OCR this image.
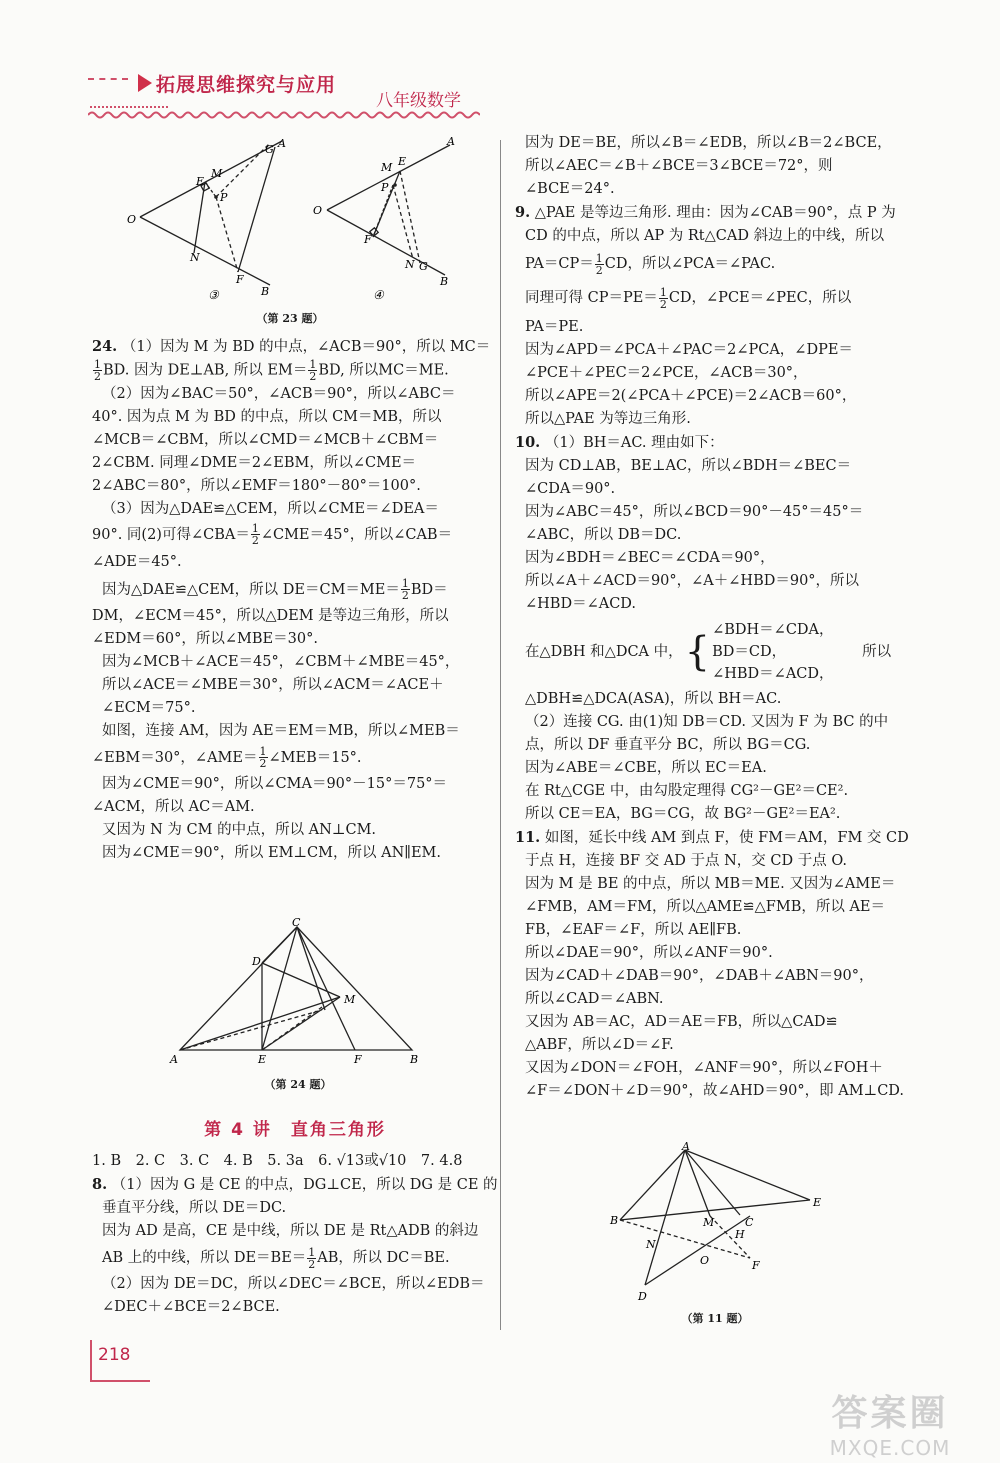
拓展思维探究与应用
八年级数学
G A
M
E
P
O
N
F
B
③
A
M E
P
O
F
N G
B
④
（第 23 题）

24. （1）因为 M 为 BD 的中点，∠ACB＝90°，所以 MC＝

$\frac{1}{2}$ BD. 因为 DE⊥AB, 所以 $EM= \frac{1}{2}$ BD, 所以MC＝ME.

（2）因为∠BAC＝50°，∠ACB＝90°，所以∠ABC＝

40°. 因为点 M 为 BD 的中点，所以 CM＝MB，所以

∠MCB＝∠CBM，所以∠CMD＝∠MCB＋∠CBM＝

2∠CBM. 同理∠DME＝2∠EBM，所以∠CME＝

2∠ABC＝80°，所以∠EMF＝180°－80°＝100°.

（3）因为△DAE≌△CEM，所以∠CME＝∠DEA＝

90°. 同(2)可得∠CBA＝ $\frac{1}{2}$ ∠CME＝45°，所以∠CAB＝

∠ADE＝45°.

因为△DAE≌△CEM，所以 $DE=CM=ME= \frac{1}{2} BD=$

DM，∠ECM＝45°，所以△DEM 是等边三角形，所以

∠EDM＝60°，所以∠MBE＝30°.

因为∠MCB＋∠ACE＝45°，∠CBM＋∠MBE＝45°，

所以∠ACE＝∠MBE＝30°，所以∠ACM＝∠ACE＋

∠ECM＝75°.

如图，连接 AM，因为 AE＝EM＝MB，所以∠MEB＝

∠EBM＝30°，∠AME＝ $\frac{1}{2}$ ∠MEB＝15°.

因为∠CME＝90°，所以∠CMA＝90°－15°＝75°＝

∠ACM，所以 AC＝AM.

又因为 N 为 CM 的中点，所以 AN⊥CM.

因为∠CME＝90°，所以 EM⊥CM，所以 AN∥EM.

C
D
M
A	E	F	B
（第 24 题）
第 4 讲　直角三角形

1. B　2. C　3. C　4. B　5. 3a　6. √13或√10　7. 4.8

8. （1）因为 G 是 CE 的中点，DG⊥CE，所以 DG 是 CE 的

垂直平分线，所以 DE＝DC.

因为 AD 是高，CE 是中线，所以 DE 是 Rt△ADB 的斜边

AB 上的中线，所以 $DE=BE= \frac{1}{2}$ AB，所以 DC＝BE.

（2）因为 DE＝DC，所以∠DEC＝∠BCE，所以∠EDB＝

∠DEC＋∠BCE＝2∠BCE.

因为 DE＝BE，所以∠B＝∠EDB，所以∠B＝2∠BCE，

所以∠AEC＝∠B＋∠BCE＝3∠BCE＝72°，则

∠BCE＝24°.

9. △PAE 是等边三角形. 理由：因为∠CAB＝90°，点 P 为

CD 的中点，所以 AP 为 Rt△CAD 斜边上的中线，所以

$PA=CP= \frac{1}{2}$ CD，所以∠PCA＝∠PAC.

同理可得 $CP=PE= \frac{1}{2}$ CD，∠PCE＝∠PEC，所以

PA＝PE.

因为∠APD＝∠PCA＋∠PAC＝2∠PCA，∠DPE＝

∠PCE＋∠PEC＝2∠PCE，∠ACB＝30°，

所以∠APE＝2(∠PCA＋∠PCE)＝2∠ACB＝60°，

所以△PAE 为等边三角形.

10. （1）BH＝AC. 理由如下：

因为 CD⊥AB，BE⊥AC，所以∠BDH＝∠BEC＝

∠CDA＝90°.

因为∠ABC＝45°，所以∠BCD＝90°－45°＝45°＝

∠ABC，所以 DB＝DC.

因为∠BDH＝∠BEC＝∠CDA＝90°，

所以∠A＋∠ACD＝90°，∠A＋∠HBD＝90°，所以

∠HBD＝∠ACD.

在△DBH 和△DCA 中， { ∠BDH＝∠CDA，
BD＝CD，
∠HBD＝∠ACD，
所以

△DBH≌△DCA(ASA)，所以 BH＝AC.

（2）连接 CG. 由(1)知 DB＝CD. 又因为 F 为 BC 的中

点，所以 DF 垂直平分 BC，所以 BG＝CG.

因为∠ABE＝∠CBE，所以 EC＝EA.

在 Rt△CGE 中，由勾股定理得 CG²－GE²＝CE².

所以 CE＝EA，BG＝CG，故 BG²－GE²＝EA².

11. 如图，延长中线 AM 到点 F，使 FM＝AM，FM 交 CD

于点 H，连接 BF 交 AD 于点 N，交 CD 于点 O.

因为 M 是 BE 的中点，所以 MB＝ME. 又因为∠AME＝

∠FMB，AM＝FM，所以△AME≌△FMB，所以 AE＝

FB，∠EAF＝∠F，所以 AE∥FB.

所以∠DAE＝90°，所以∠ANF＝90°.

因为∠CAD＋∠DAB＝90°，∠DAB＋∠ABN＝90°，

所以∠CAD＝∠ABN.

又因为 AB＝AC，AD＝AE＝FB，所以△CAD≌

△ABF，所以∠D＝∠F.

又因为∠DON＝∠FOH，∠ANF＝90°，所以∠FOH＋

∠F＝∠DON＋∠D＝90°，故∠AHD＝90°，即 AM⊥CD.

A
E
B	M	C
H
N
O	F
D
（第 11 题）
218
答案圈
MXQE.COM
